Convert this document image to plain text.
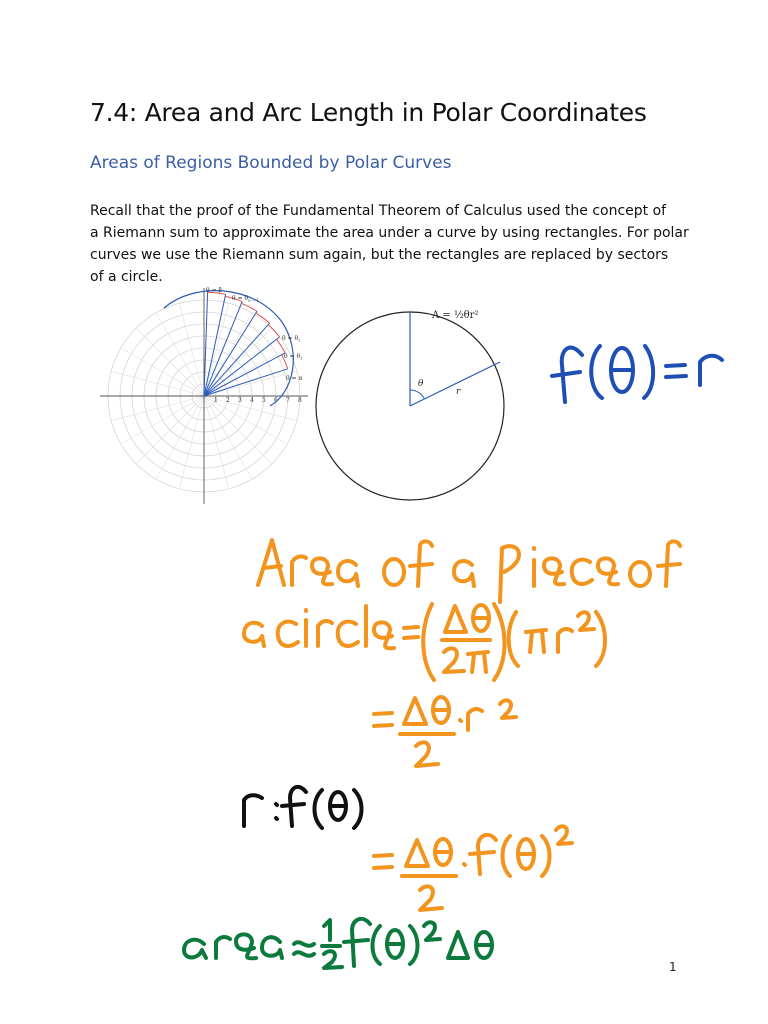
7.4: Area and Arc Length in Polar Coordinates
Areas of Regions Bounded by Polar Curves
Recall that the proof of the Fundamental Theorem of Calculus used the concept of
a Riemann sum to approximate the area under a curve by using rectangles. For polar
curves we use the Riemann sum again, but the rectangles are replaced by sectors
of a circle.
1 2 3 4 5 6 7 8
θ = β
$\theta = \theta_{n - 1}$
$\theta = \theta_2$
$\theta = \theta_1$
θ = α
θ
r
A = ½θr²
1
